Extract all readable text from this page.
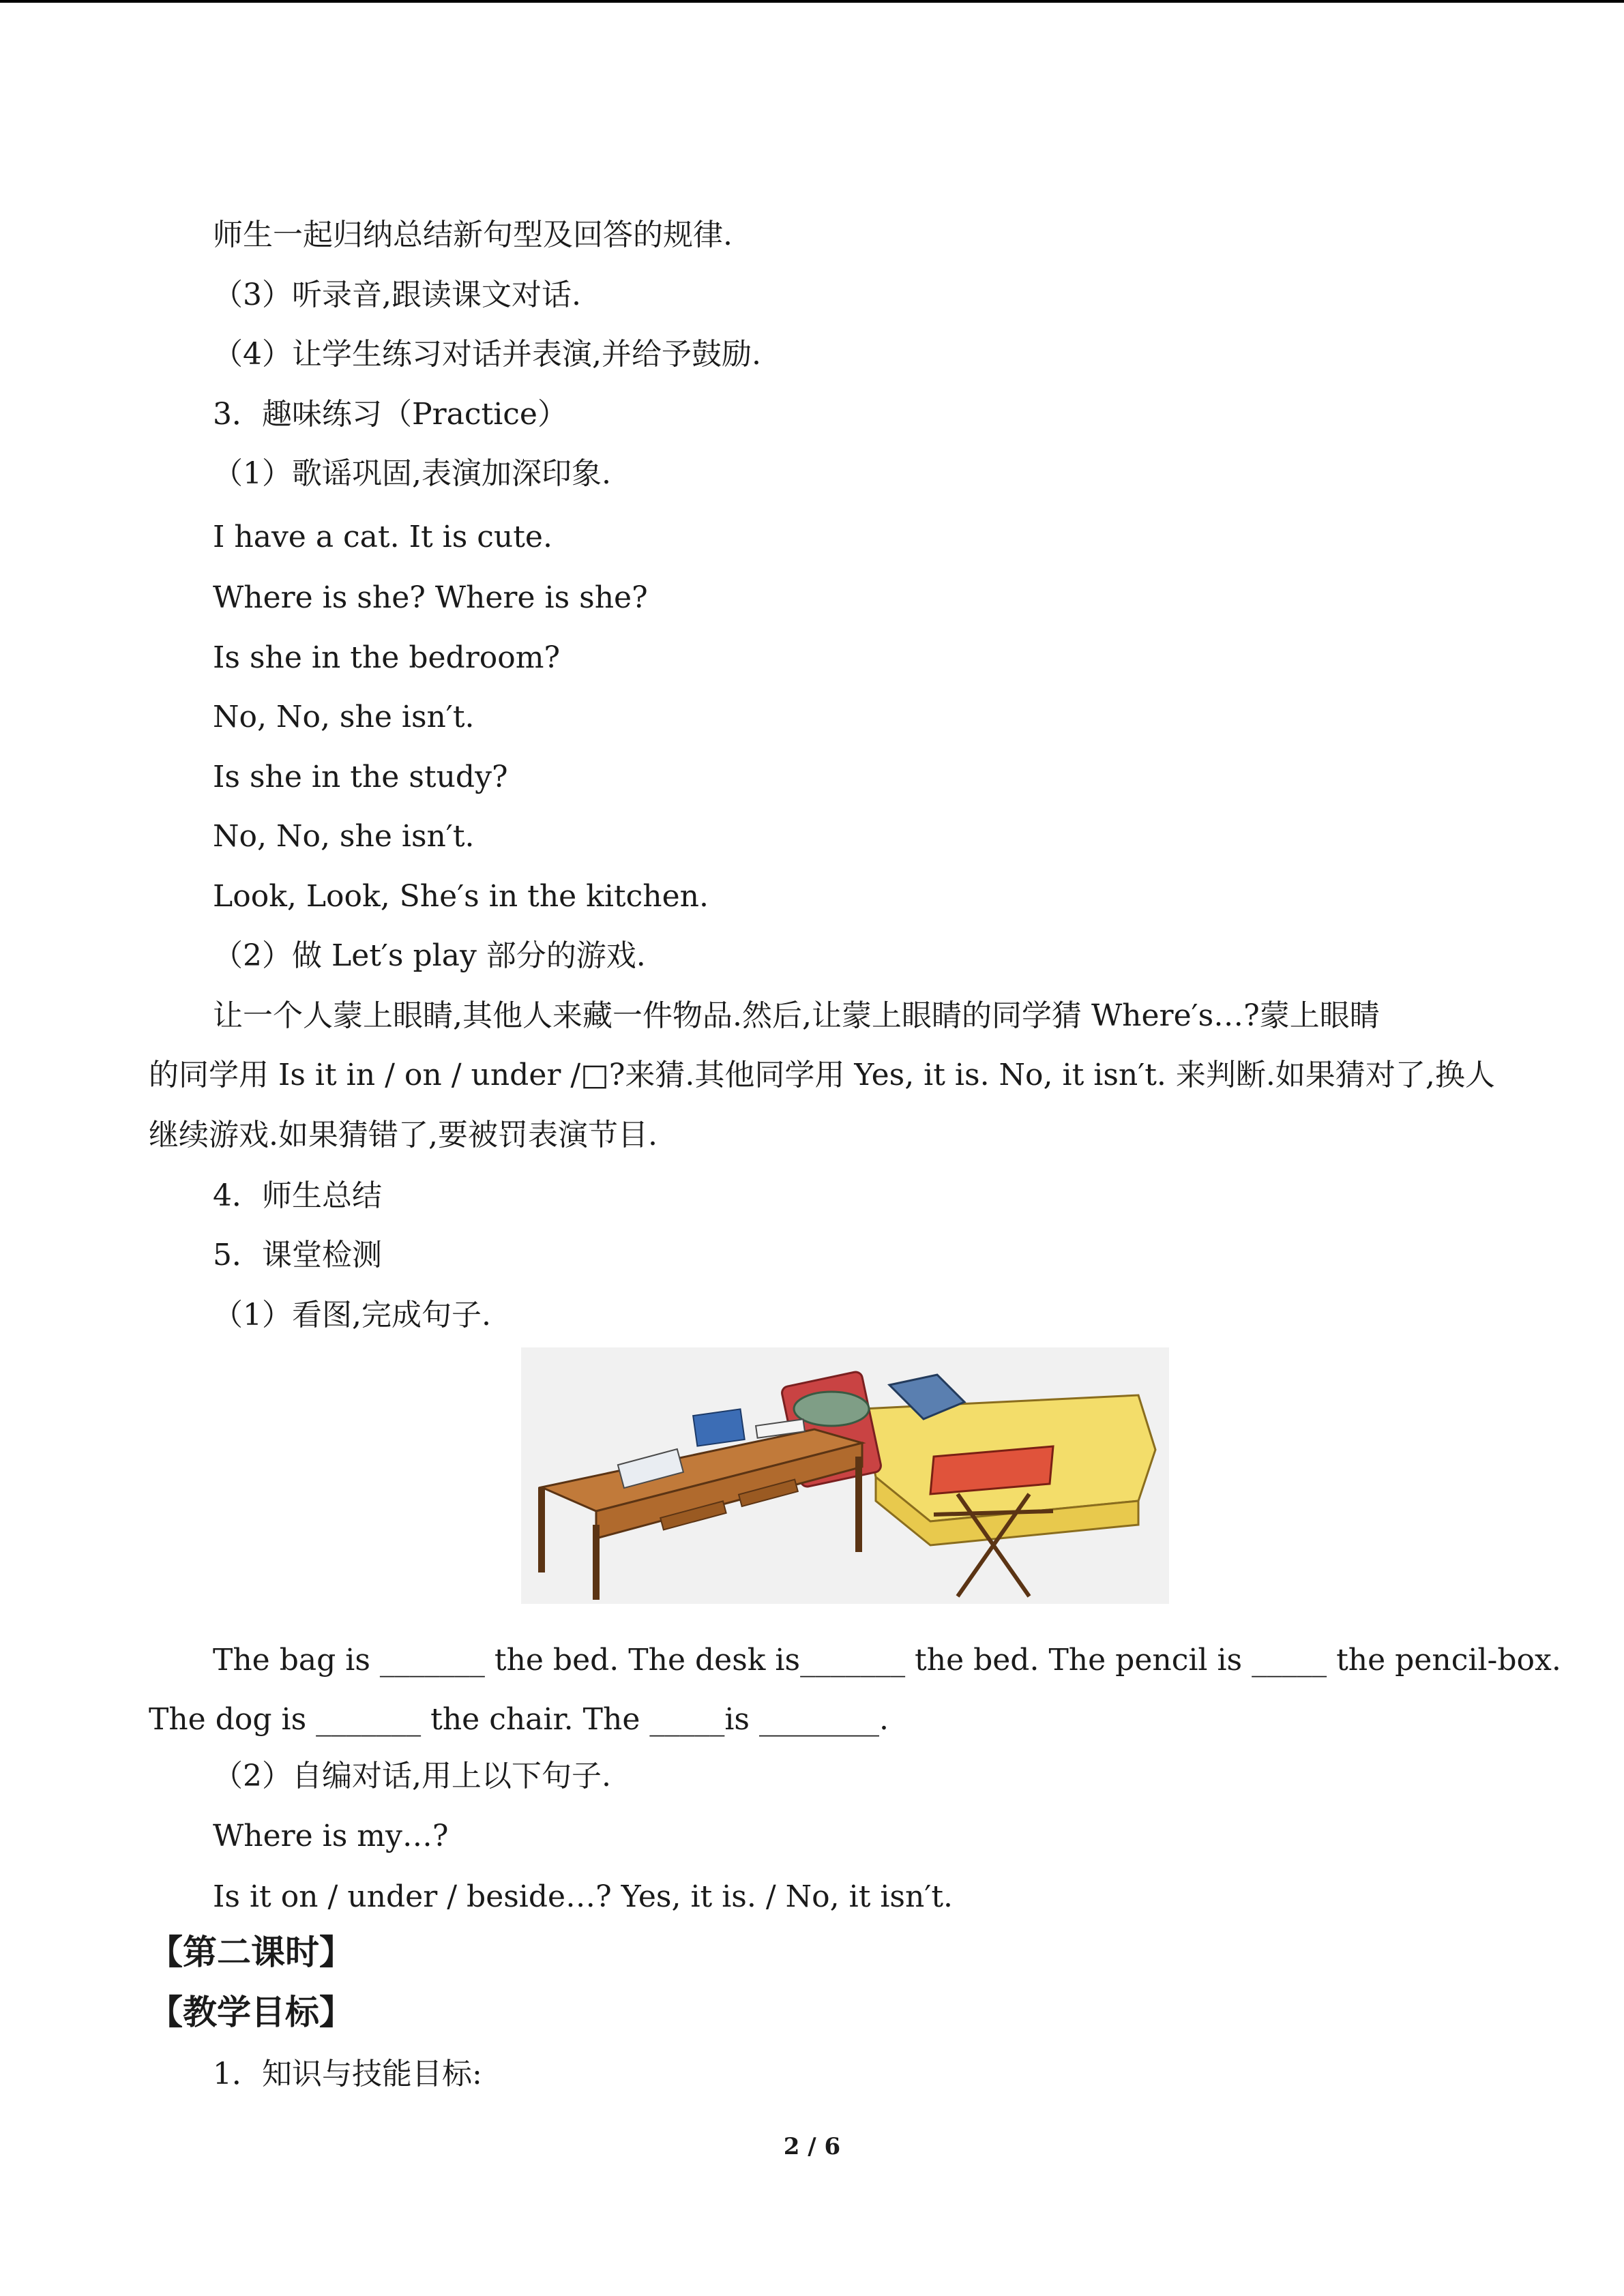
师生一起归纳总结新句型及回答的规律.
（3）听录音,跟读课文对话.
（4）让学生练习对话并表演,并给予鼓励.
3．趣味练习（Practice）
（1）歌谣巩固,表演加深印象.
I have a cat. It is cute.
Where is she? Where is she?
Is she in the bedroom?
No, No, she isn′t.
Is she in the study?
No, No, she isn′t.
Look, Look, She′s in the kitchen.
（2）做 Let′s play 部分的游戏.
让一个人蒙上眼睛,其他人来藏一件物品.然后,让蒙上眼睛的同学猜 Where′s…?蒙上眼睛
的同学用 Is it in / on / under /□?来猜.其他同学用 Yes, it is. No, it isn′t. 来判断.如果猜对了,换人
继续游戏.如果猜错了,要被罚表演节目.
4．师生总结
5．课堂检测
（1）看图,完成句子.
The bag is _______ the bed. The desk is_______ the bed. The pencil is _____ the pencil-box.
The dog is _______ the chair. The _____is ________.
（2）自编对话,用上以下句子.
Where is my…?
Is it on / under / beside…? Yes, it is. / No, it isn′t.
【第二课时】
【教学目标】
1．知识与技能目标:
2 / 6
